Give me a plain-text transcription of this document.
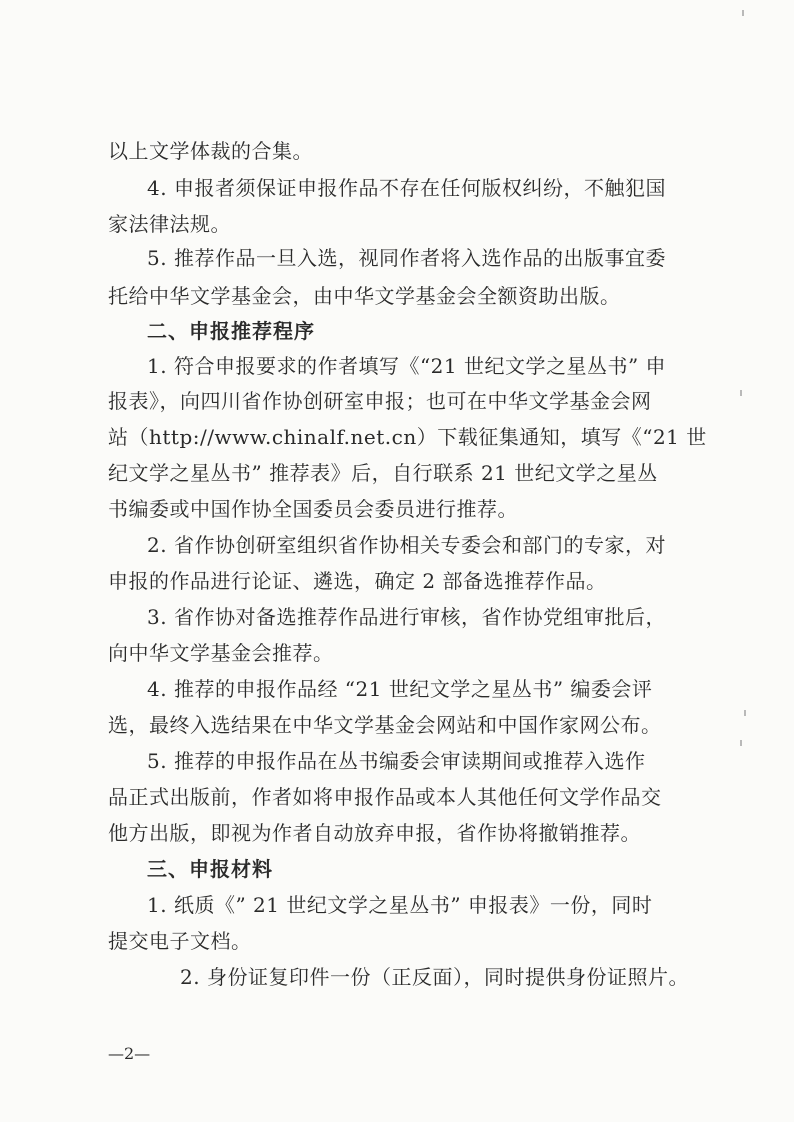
以上文学体裁的合集。
4. 申报者须保证申报作品不存在任何版权纠纷，不触犯国
家法律法规。
5. 推荐作品一旦入选，视同作者将入选作品的出版事宜委
托给中华文学基金会，由中华文学基金会全额资助出版。
二、申报推荐程序
1. 符合申报要求的作者填写《“21 世纪文学之星丛书” 申
报表》，向四川省作协创研室申报；也可在中华文学基金会网
站（http://www.chinalf.net.cn）下载征集通知，填写《“21 世
纪文学之星丛书” 推荐表》后，自行联系 21 世纪文学之星丛
书编委或中国作协全国委员会委员进行推荐。
2. 省作协创研室组织省作协相关专委会和部门的专家，对
申报的作品进行论证、遴选，确定 2 部备选推荐作品。
3. 省作协对备选推荐作品进行审核，省作协党组审批后，
向中华文学基金会推荐。
4. 推荐的申报作品经 “21 世纪文学之星丛书” 编委会评
选，最终入选结果在中华文学基金会网站和中国作家网公布。
5. 推荐的申报作品在丛书编委会审读期间或推荐入选作
品正式出版前，作者如将申报作品或本人其他任何文学作品交
他方出版，即视为作者自动放弃申报，省作协将撤销推荐。
三、申报材料
1. 纸质《” 21 世纪文学之星丛书” 申报表》一份，同时
提交电子文档。
2. 身份证复印件一份（正反面），同时提供身份证照片。
—2—
